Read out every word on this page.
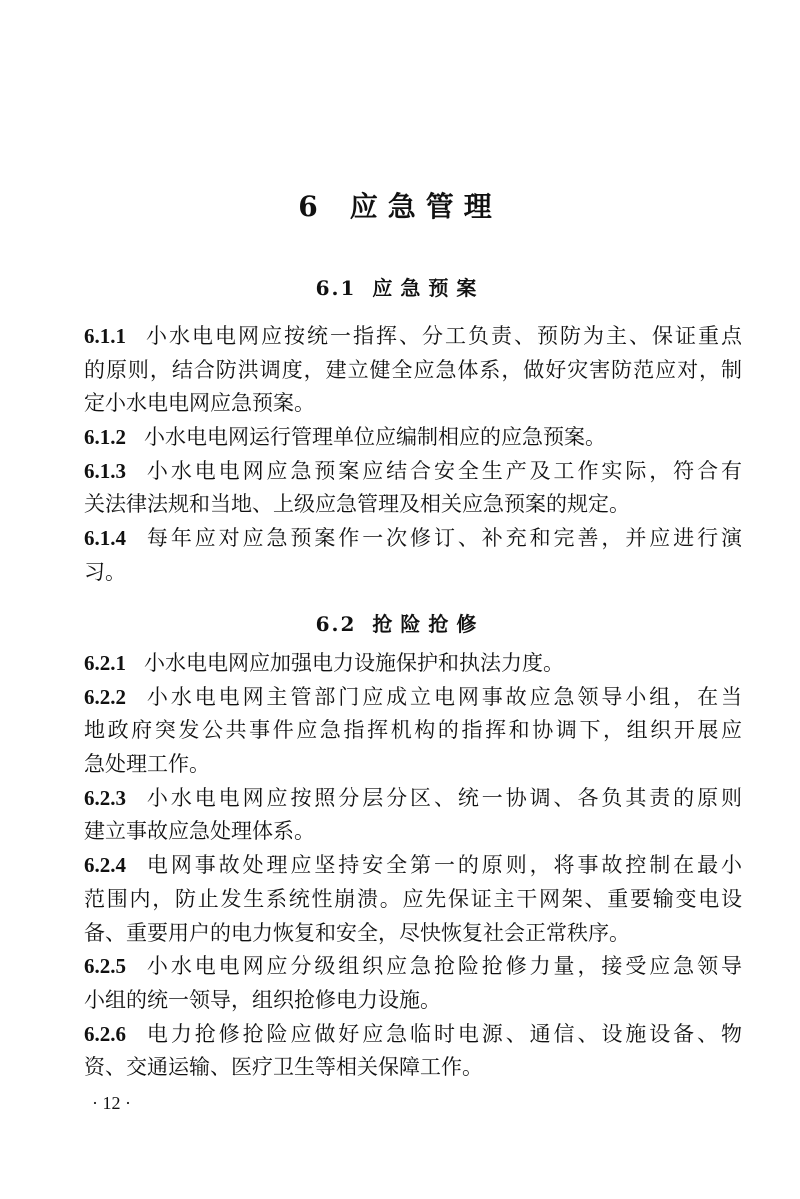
6 应急管理
6.1 应急预案
6.1.1 小水电电网应按统一指挥、分工负责、预防为主、保证重点
的原则，结合防洪调度，建立健全应急体系，做好灾害防范应对，制
定小水电电网应急预案。
6.1.2 小水电电网运行管理单位应编制相应的应急预案。
6.1.3 小水电电网应急预案应结合安全生产及工作实际，符合有
关法律法规和当地、上级应急管理及相关应急预案的规定。
6.1.4 每年应对应急预案作一次修订、补充和完善，并应进行演
习。
6.2 抢险抢修
6.2.1 小水电电网应加强电力设施保护和执法力度。
6.2.2 小水电电网主管部门应成立电网事故应急领导小组，在当
地政府突发公共事件应急指挥机构的指挥和协调下，组织开展应
急处理工作。
6.2.3 小水电电网应按照分层分区、统一协调、各负其责的原则
建立事故应急处理体系。
6.2.4 电网事故处理应坚持安全第一的原则，将事故控制在最小
范围内，防止发生系统性崩溃。应先保证主干网架、重要输变电设
备、重要用户的电力恢复和安全，尽快恢复社会正常秩序。
6.2.5 小水电电网应分级组织应急抢险抢修力量，接受应急领导
小组的统一领导，组织抢修电力设施。
6.2.6 电力抢修抢险应做好应急临时电源、通信、设施设备、物
资、交通运输、医疗卫生等相关保障工作。
· 12 ·
